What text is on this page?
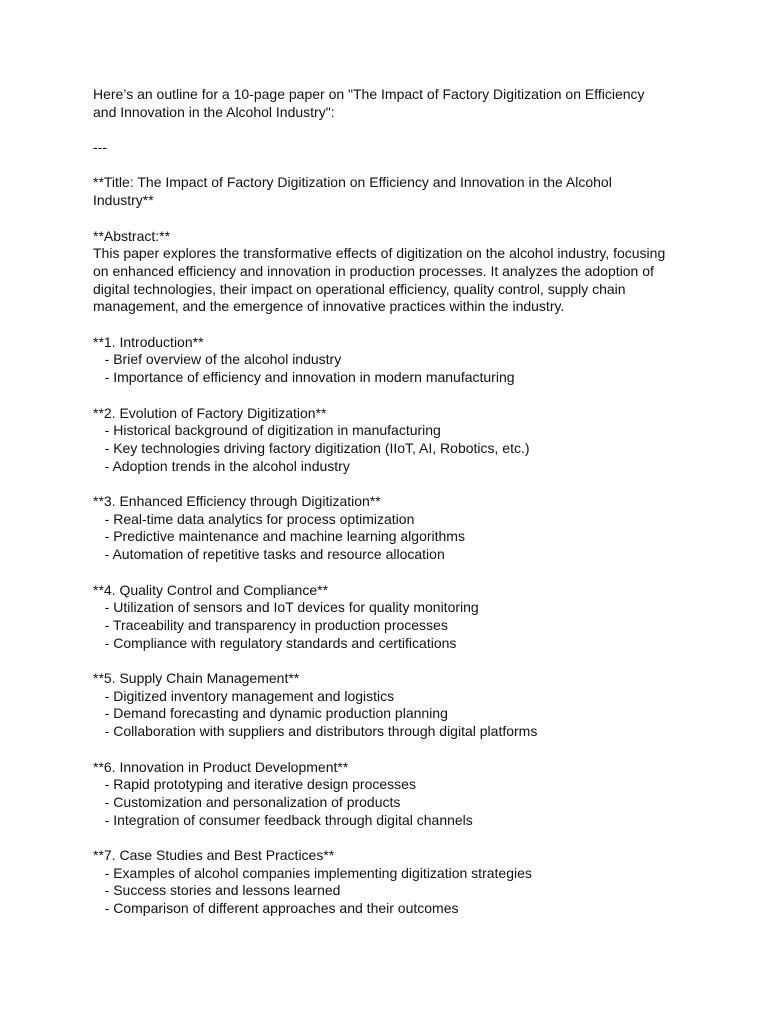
Here’s an outline for a 10-page paper on "The Impact of Factory Digitization on Efficiency
and Innovation in the Alcohol Industry":
---
**Title: The Impact of Factory Digitization on Efficiency and Innovation in the Alcohol
Industry**
**Abstract:**
This paper explores the transformative effects of digitization on the alcohol industry, focusing
on enhanced efficiency and innovation in production processes. It analyzes the adoption of
digital technologies, their impact on operational efficiency, quality control, supply chain
management, and the emergence of innovative practices within the industry.
**1. Introduction**
- Brief overview of the alcohol industry
- Importance of efficiency and innovation in modern manufacturing
**2. Evolution of Factory Digitization**
- Historical background of digitization in manufacturing
- Key technologies driving factory digitization (IIoT, AI, Robotics, etc.)
- Adoption trends in the alcohol industry
**3. Enhanced Efficiency through Digitization**
- Real-time data analytics for process optimization
- Predictive maintenance and machine learning algorithms
- Automation of repetitive tasks and resource allocation
**4. Quality Control and Compliance**
- Utilization of sensors and IoT devices for quality monitoring
- Traceability and transparency in production processes
- Compliance with regulatory standards and certifications
**5. Supply Chain Management**
- Digitized inventory management and logistics
- Demand forecasting and dynamic production planning
- Collaboration with suppliers and distributors through digital platforms
**6. Innovation in Product Development**
- Rapid prototyping and iterative design processes
- Customization and personalization of products
- Integration of consumer feedback through digital channels
**7. Case Studies and Best Practices**
- Examples of alcohol companies implementing digitization strategies
- Success stories and lessons learned
- Comparison of different approaches and their outcomes
